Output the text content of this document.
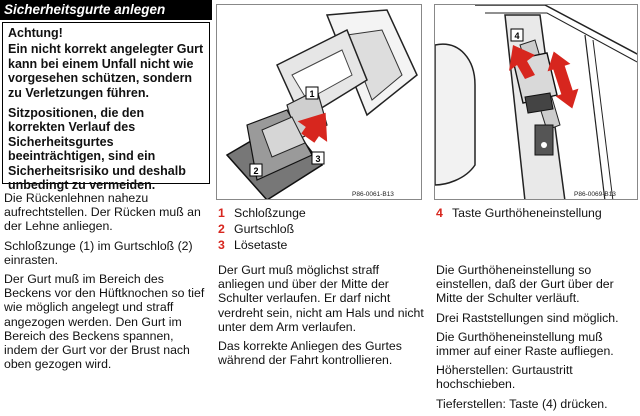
Sicherheitsgurte anlegen

Achtung!

Ein nicht korrekt angelegter Gurt kann bei einem Unfall nicht wie vorgesehen schützen, sondern zu Verletzungen führen.

Sitzpositionen, die den korrekten Verlauf des Sicherheitsgurtes beeinträchtigen, sind ein Sicherheitsrisiko und deshalb unbedingt zu vermeiden.

Die Rückenlehnen nahezu aufrechtstellen. Der Rücken muß an der Lehne anliegen.

Schloßzunge (1) im Gurtschloß (2) einrasten.

Der Gurt muß im Bereich des Beckens vor den Hüftknochen so tief wie möglich angelegt und straff angezogen werden. Den Gurt im Bereich des Beckens spannen, indem der Gurt vor der Brust nach oben gezogen wird.

1
2
3
P86-0061-B13
1 Schloßzunge
2 Gurtschloß
3 Lösetaste

Der Gurt muß möglichst straff anliegen und über der Mitte der Schulter verlaufen. Er darf nicht verdreht sein, nicht am Hals und nicht unter dem Arm verlaufen.

Das korrekte Anliegen des Gurtes während der Fahrt kontrollieren.

4
P86-0069-B13
4 Taste Gurthöheneinstellung

Die Gurthöheneinstellung so einstellen, daß der Gurt über der Mitte der Schulter verläuft.

Drei Raststellungen sind möglich.

Die Gurthöheneinstellung muß immer auf einer Raste aufliegen.

Höherstellen: Gurtaustritt hochschieben.

Tieferstellen: Taste (4) drücken.
